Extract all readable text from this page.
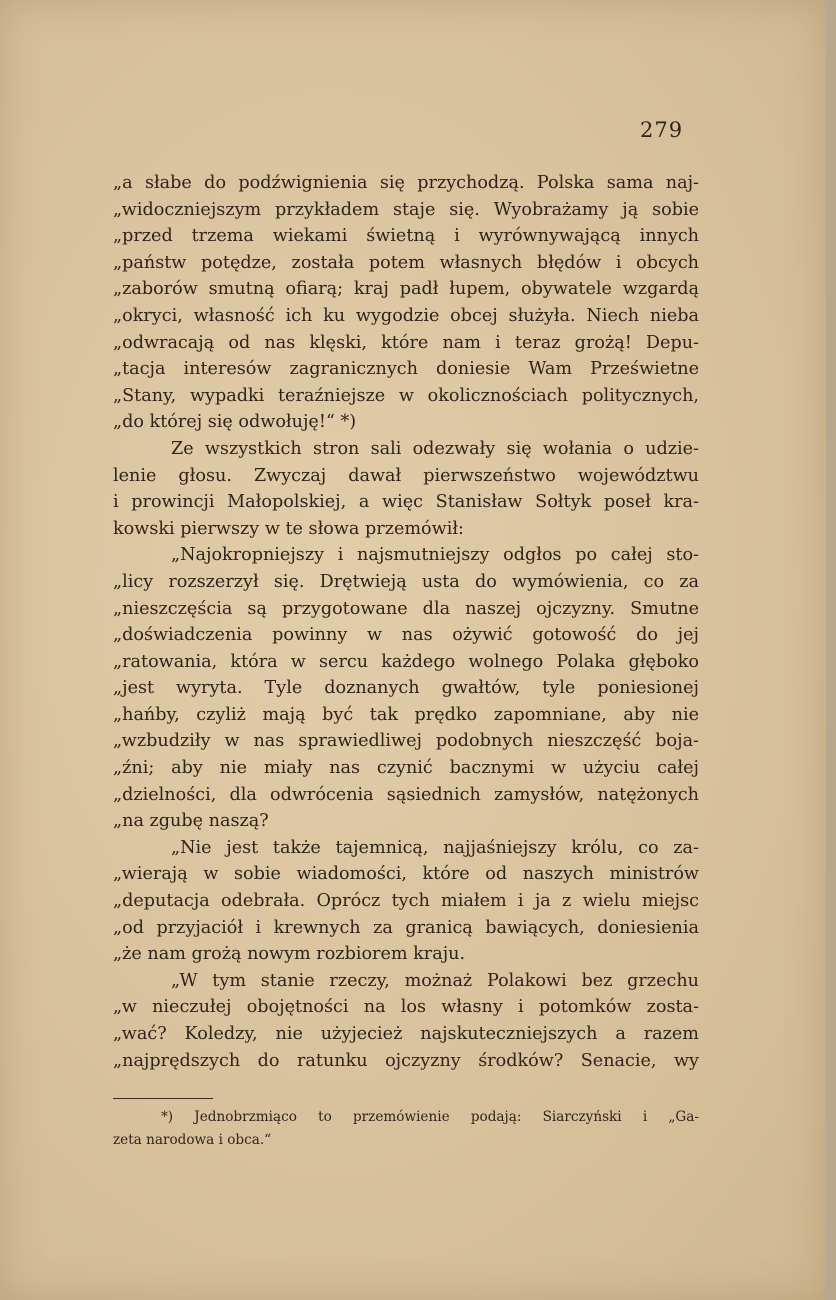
279
„a słabe do podźwignienia się przychodzą. Polska sama naj-
„widoczniejszym przykładem staje się. Wyobrażamy ją sobie
„przed trzema wiekami świetną i wyrównywającą innych
„państw potędze, została potem własnych błędów i obcych
„zaborów smutną ofiarą; kraj padł łupem, obywatele wzgardą
„okryci, własność ich ku wygodzie obcej służyła. Niech nieba
„odwracają od nas klęski, które nam i teraz grożą! Depu-
„tacja interesów zagranicznych doniesie Wam Prześwietne
„Stany, wypadki teraźniejsze w okolicznościach politycznych,
„do której się odwołuję!“ *)
Ze wszystkich stron sali odezwały się wołania o udzie-
lenie głosu. Zwyczaj dawał pierwszeństwo województwu
i prowincji Małopolskiej, a więc Stanisław Sołtyk poseł kra-
kowski pierwszy w te słowa przemówił:
„Najokropniejszy i najsmutniejszy odgłos po całej sto-
„licy rozszerzył się. Drętwieją usta do wymówienia, co za
„nieszczęścia są przygotowane dla naszej ojczyzny. Smutne
„doświadczenia powinny w nas ożywić gotowość do jej
„ratowania, która w sercu każdego wolnego Polaka głęboko
„jest wyryta. Tyle doznanych gwałtów, tyle poniesionej
„hańby, czyliż mają być tak prędko zapomniane, aby nie
„wzbudziły w nas sprawiedliwej podobnych nieszczęść boja-
„źni; aby nie miały nas czynić bacznymi w użyciu całej
„dzielności, dla odwrócenia sąsiednich zamysłów, natężonych
„na zgubę naszą?
„Nie jest także tajemnicą, najjaśniejszy królu, co za-
„wierają w sobie wiadomości, które od naszych ministrów
„deputacja odebrała. Oprócz tych miałem i ja z wielu miejsc
„od przyjaciół i krewnych za granicą bawiących, doniesienia
„że nam grożą nowym rozbiorem kraju.
„W tym stanie rzeczy, możnaż Polakowi bez grzechu
„w nieczułej obojętności na los własny i potomków zosta-
„wać? Koledzy, nie użyjecież najskuteczniejszych a razem
„najprędszych do ratunku ojczyzny środków? Senacie, wy
*) Jednobrzmiąco to przemówienie podają: Siarczyński i „Ga-
zeta narodowa i obca.“
